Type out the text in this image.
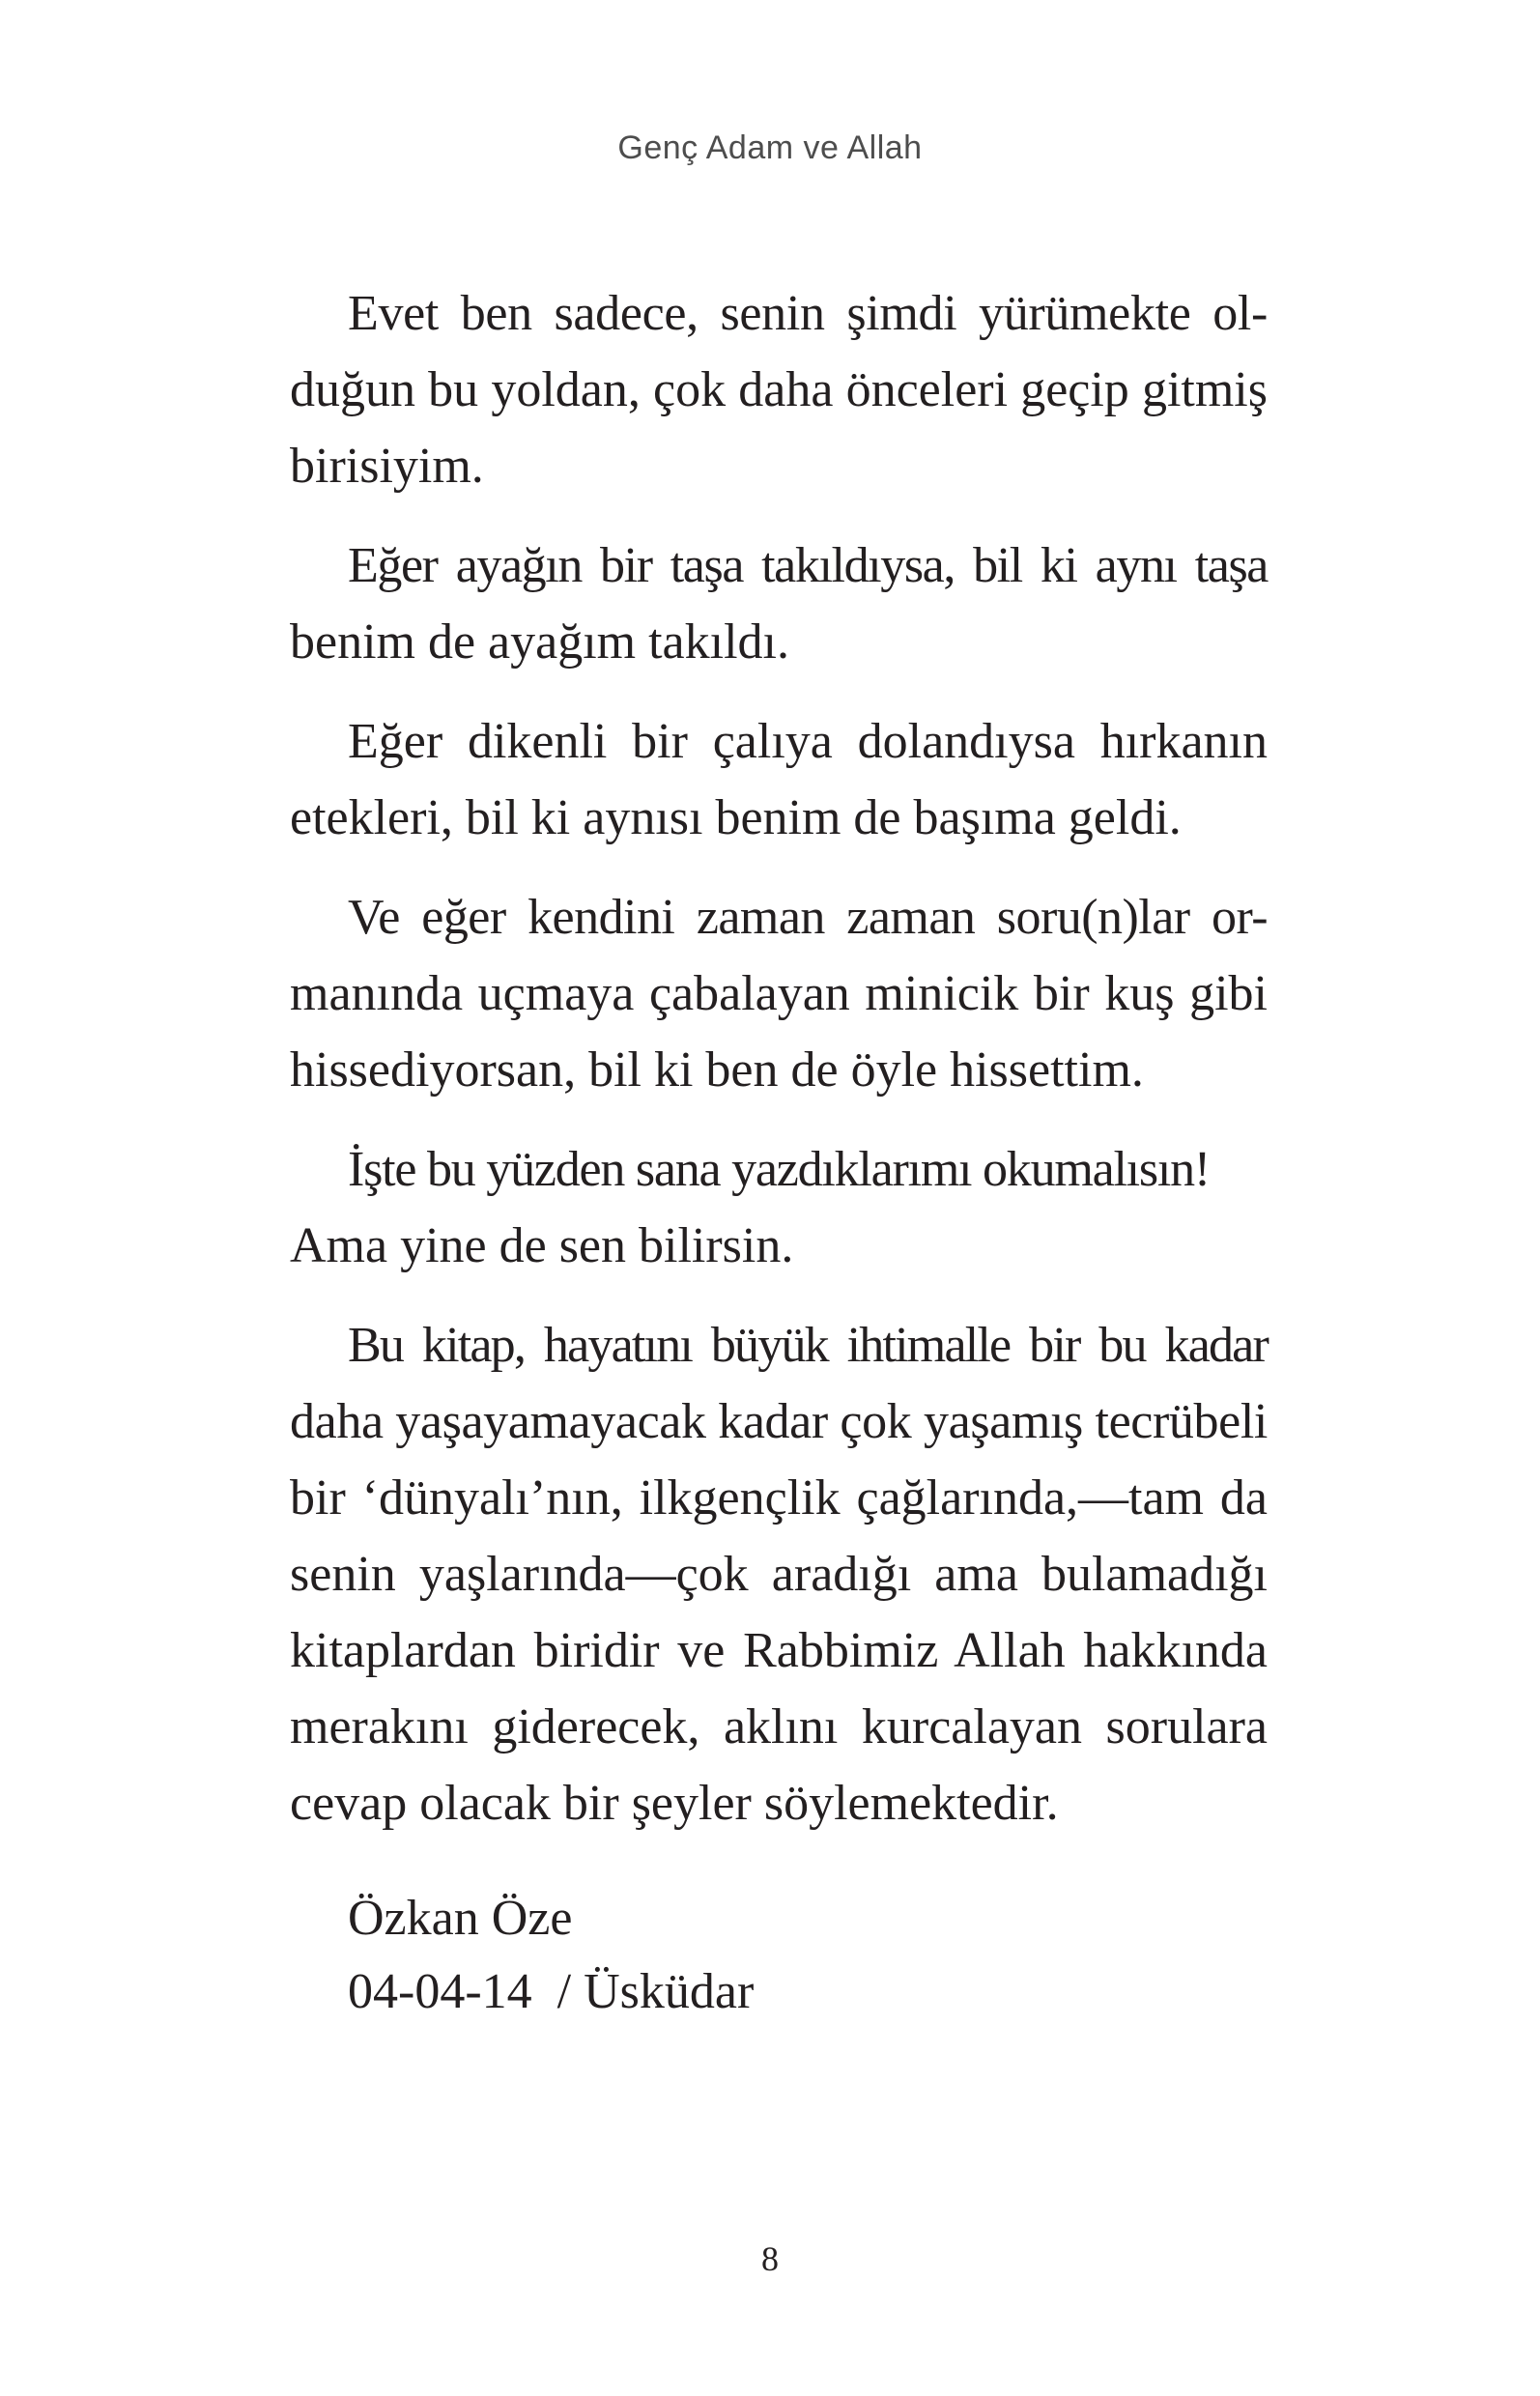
Genç Adam ve Allah
Evet ben sadece, senin şimdi yürümekte ol-
duğun bu yoldan, çok daha önceleri geçip gitmiş
birisiyim.
Eğer ayağın bir taşa takıldıysa, bil ki aynı taşa
benim de ayağım takıldı.
Eğer dikenli bir çalıya dolandıysa hırkanın
etekleri, bil ki aynısı benim de başıma geldi.
Ve eğer kendini zaman zaman soru(n)lar or-
manında uçmaya çabalayan minicik bir kuş gibi
hissediyorsan, bil ki ben de öyle hissettim.
İşte bu yüzden sana yazdıklarımı okumalısın!
Ama yine de sen bilirsin.
Bu kitap, hayatını büyük ihtimalle bir bu kadar
daha yaşayamayacak kadar çok yaşamış tecrübeli
bir ‘dünyalı’nın, ilkgençlik çağlarında,—tam da
senin yaşlarında—çok aradığı ama bulamadığı
kitaplardan biridir ve Rabbimiz Allah hakkında
merakını giderecek, aklını kurcalayan sorulara
cevap olacak bir şeyler söylemektedir.
Özkan Öze
04-04-14  / Üsküdar
8
